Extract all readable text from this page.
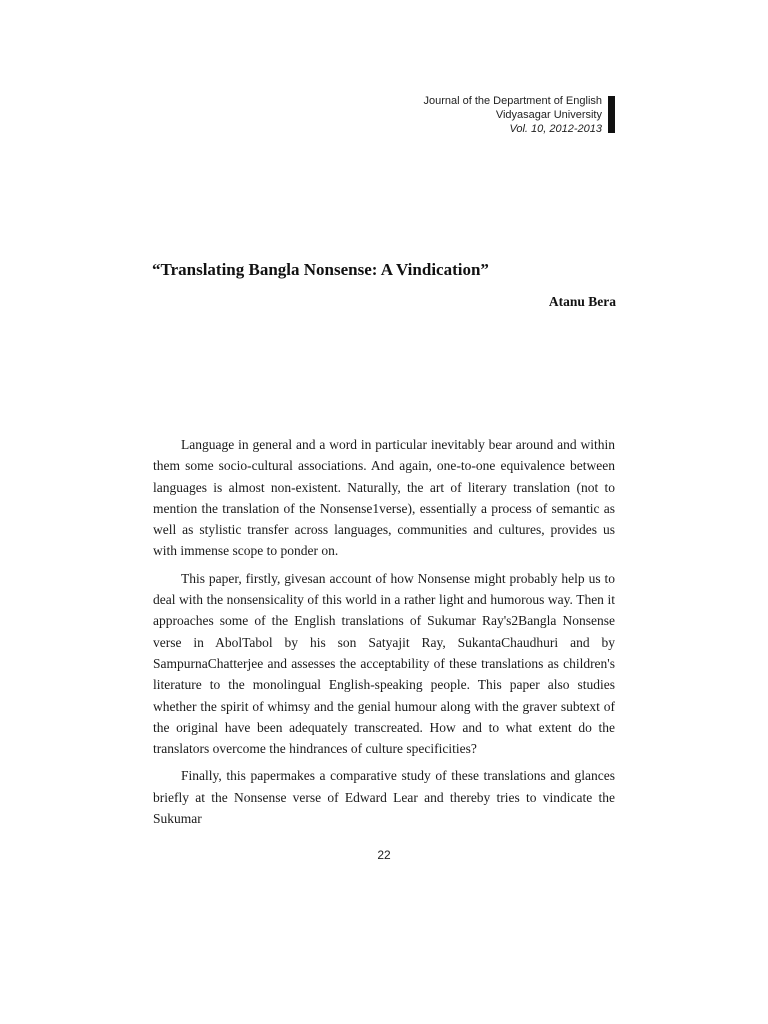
Journal of the Department of English
Vidyasagar University
Vol. 10, 2012-2013
“Translating Bangla Nonsense: A Vindication”

Atanu Bera

Language in general and a word in particular inevitably bear around and within them some socio-cultural associations. And again, one-to-one equivalence between languages is almost non-existent. Naturally, the art of literary translation (not to mention the translation of the Nonsense1verse), essentially a process of semantic as well as stylistic transfer across languages, communities and cultures, provides us with immense scope to ponder on.

This paper, firstly, givesan account of how Nonsense might probably help us to deal with the nonsensicality of this world in a rather light and humorous way. Then it approaches some of the English translations of Sukumar Ray's2Bangla Nonsense verse in AbolTabol by his son Satyajit Ray, SukantaChaudhuri and by SampurnaChatterjee and assesses the acceptability of these translations as children's literature to the monolingual English-speaking people. This paper also studies whether the spirit of whimsy and the genial humour along with the graver subtext of the original have been adequately transcreated. How and to what extent do the translators overcome the hindrances of culture specificities?

Finally, this papermakes a comparative study of these translations and glances briefly at the Nonsense verse of Edward Lear and thereby tries to vindicate the Sukumar

22
